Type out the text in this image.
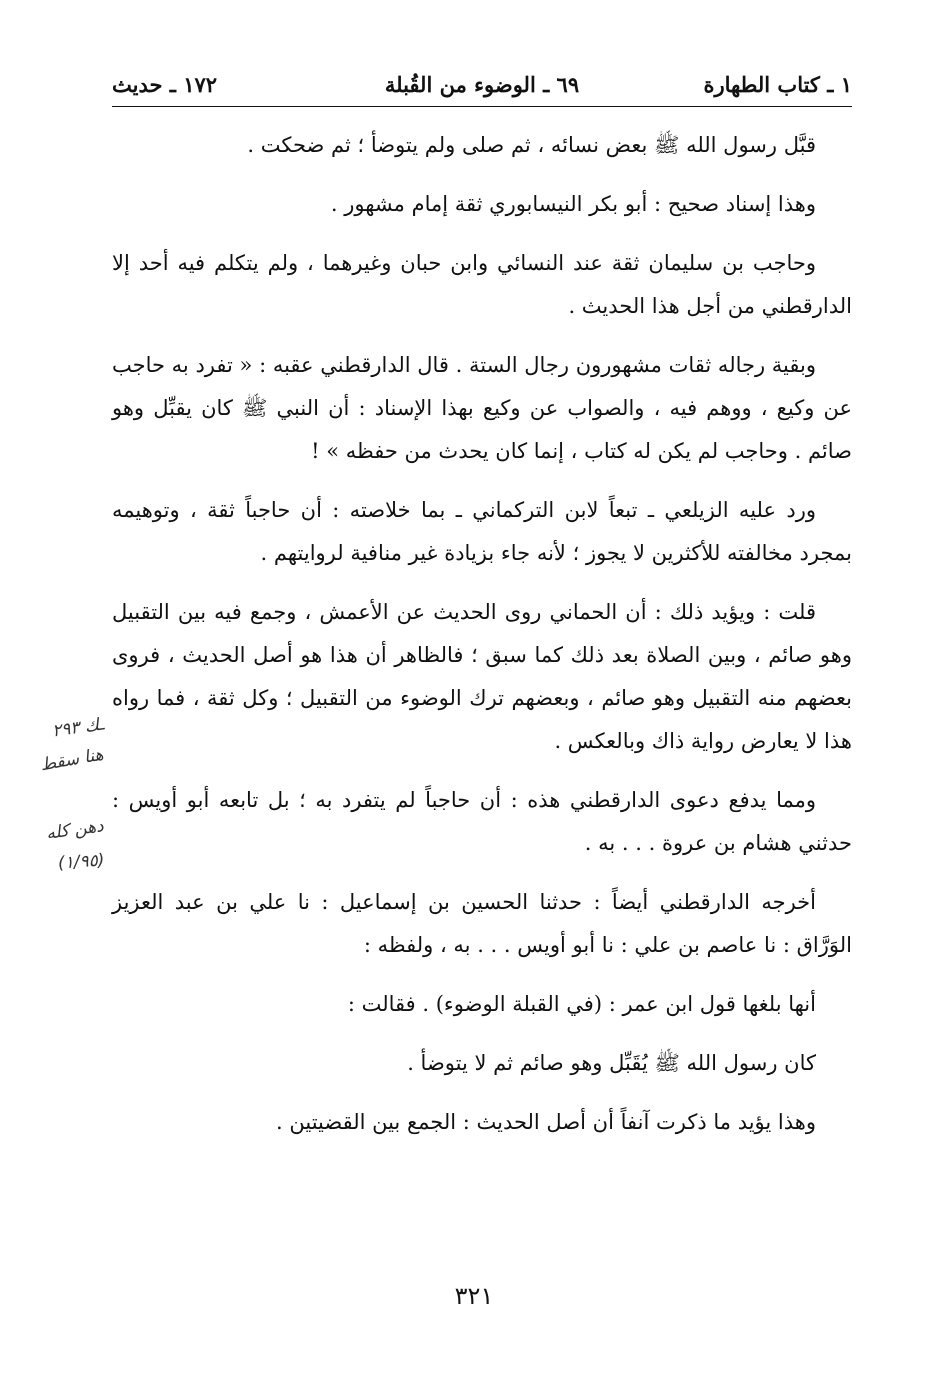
١ ـ كتاب الطهارة
٦٩ ـ الوضوء من القُبلة
١٧٢ ـ حديث

قبَّل رسول الله ﷺ بعض نسائه ، ثم صلى ولم يتوضأ ؛ ثم ضحكت .

وهذا إسناد صحيح : أبو بكر النيسابوري ثقة إمام مشهور .

وحاجب بن سليمان ثقة عند النسائي وابن حبان وغيرهما ، ولم يتكلم فيه أحد إلا الدارقطني من أجل هذا الحديث .

وبقية رجاله ثقات مشهورون رجال الستة . قال الدارقطني عقبه : « تفرد به حاجب عن وكيع ، ووهم فيه ، والصواب عن وكيع بهذا الإسناد : أن النبي ﷺ كان يقبِّل وهو صائم . وحاجب لم يكن له كتاب ، إنما كان يحدث من حفظه » !

ورد عليه الزيلعي ـ تبعاً لابن التركماني ـ بما خلاصته : أن حاجباً ثقة ، وتوهيمه بمجرد مخالفته للأكثرين لا يجوز ؛ لأنه جاء بزيادة غير منافية لروايتهم .

قلت : ويؤيد ذلك : أن الحماني روى الحديث عن الأعمش ، وجمع فيه بين التقبيل وهو صائم ، وبين الصلاة بعد ذلك كما سبق ؛ فالظاهر أن هذا هو أصل الحديث ، فروى بعضهم منه التقبيل وهو صائم ، وبعضهم ترك الوضوء من التقبيل ؛ وكل ثقة ، فما رواه هذا لا يعارض رواية ذاك وبالعكس .

ومما يدفع دعوى الدارقطني هذه : أن حاجباً لم يتفرد به ؛ بل تابعه أبو أويس : حدثني هشام بن عروة . . . به .

أخرجه الدارقطني أيضاً : حدثنا الحسين بن إسماعيل : نا علي بن عبد العزيز الوَرَّاق : نا عاصم بن علي : نا أبو أويس . . . به ، ولفظه :

أنها بلغها قول ابن عمر : (في القبلة الوضوء) . فقالت :

كان رسول الله ﷺ يُقَبِّل وهو صائم ثم لا يتوضأ .

وهذا يؤيد ما ذكرت آنفاً أن أصل الحديث : الجمع بين القضيتين .

ـك ٢٩٣
هنا سقط
دهن كله
(١/٩٥)
٣٢١
